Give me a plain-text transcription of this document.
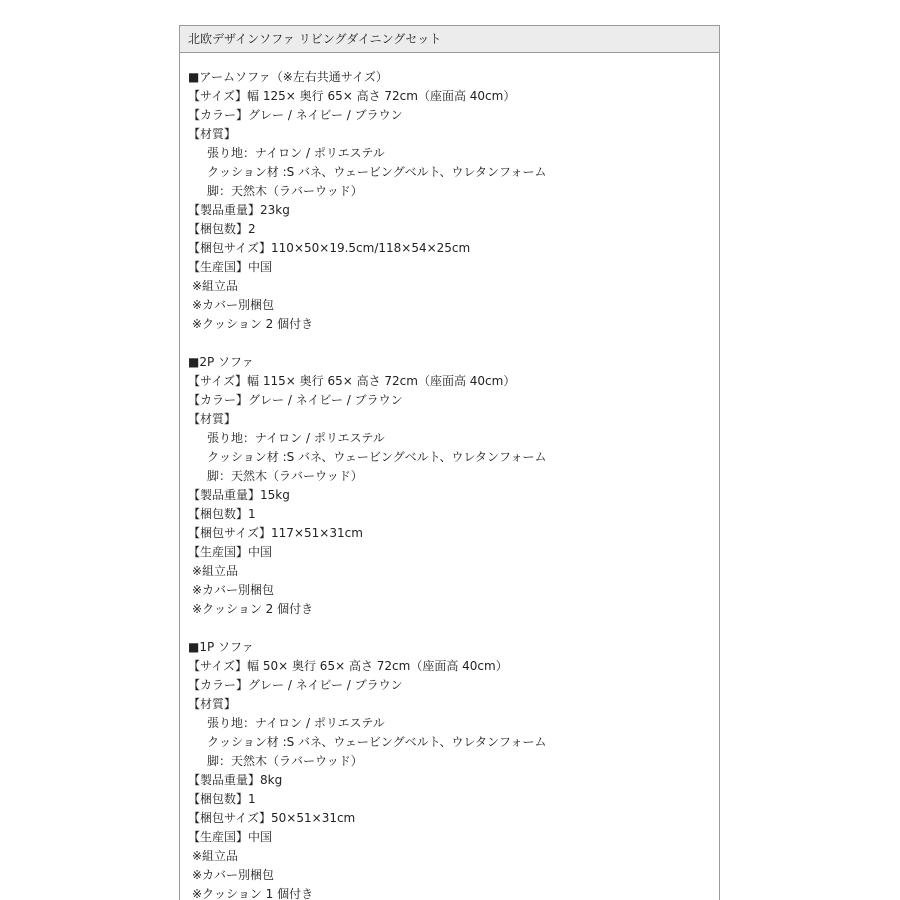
北欧デザインソファ リビングダイニングセット
■アームソファ（※左右共通サイズ）
【サイズ】幅 125× 奥行 65× 高さ 72cm（座面高 40cm）
【カラー】グレー / ネイビー / ブラウン
【材質】
張り地：ナイロン / ポリエステル
クッション材 :S バネ、ウェービングベルト、ウレタンフォーム
脚：天然木（ラバーウッド）
【製品重量】23kg
【梱包数】2
【梱包サイズ】110×50×19.5cm/118×54×25cm
【生産国】中国
※組立品
※カバー別梱包
※クッション 2 個付き
■2P ソファ
【サイズ】幅 115× 奥行 65× 高さ 72cm（座面高 40cm）
【カラー】グレー / ネイビー / ブラウン
【材質】
張り地：ナイロン / ポリエステル
クッション材 :S バネ、ウェービングベルト、ウレタンフォーム
脚：天然木（ラバーウッド）
【製品重量】15kg
【梱包数】1
【梱包サイズ】117×51×31cm
【生産国】中国
※組立品
※カバー別梱包
※クッション 2 個付き
■1P ソファ
【サイズ】幅 50× 奥行 65× 高さ 72cm（座面高 40cm）
【カラー】グレー / ネイビー / ブラウン
【材質】
張り地：ナイロン / ポリエステル
クッション材 :S バネ、ウェービングベルト、ウレタンフォーム
脚：天然木（ラバーウッド）
【製品重量】8kg
【梱包数】1
【梱包サイズ】50×51×31cm
【生産国】中国
※組立品
※カバー別梱包
※クッション 1 個付き
